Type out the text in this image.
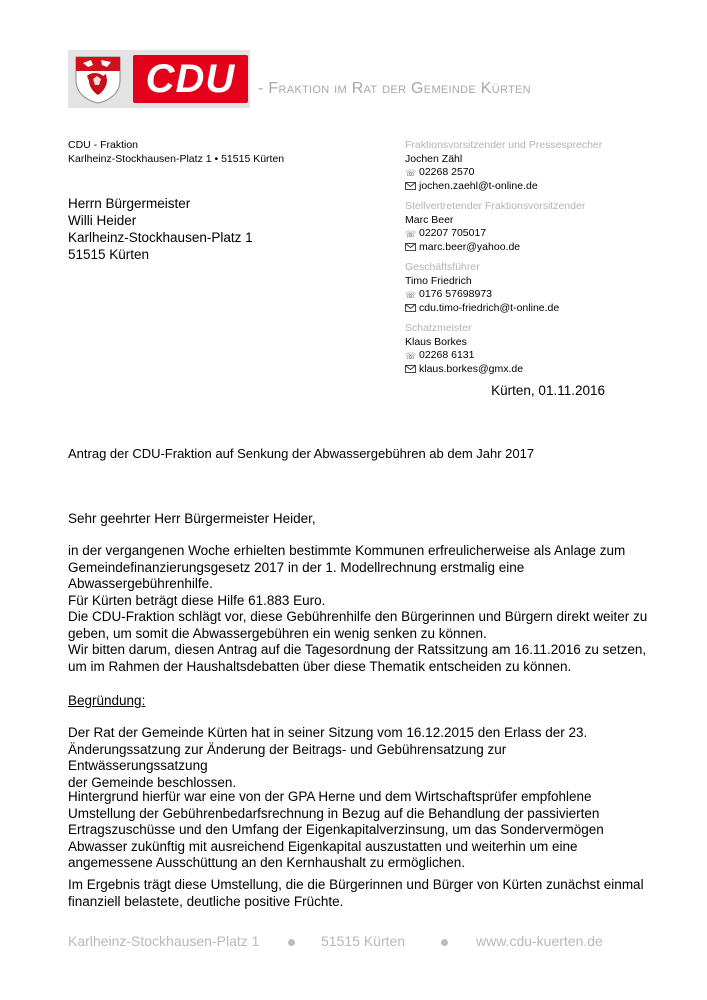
CDU	- Fraktion im Rat der Gemeinde Kürten
CDU - Fraktion
Karlheinz-Stockhausen-Platz 1 • 51515 Kürten
Herrn Bürgermeister
Willi Heider
Karlheinz-Stockhausen-Platz 1
51515 Kürten
Fraktionsvorsitzender und Pressesprecher
Jochen Zähl
☏ 02268 2570
jochen.zaehl@t-online.de
Stellvertretender Fraktionsvorsitzender
Marc Beer
☏ 02207 705017
marc.beer@yahoo.de
Geschäftsführer
Timo Friedrich
☏ 0176 57698973
cdu.timo-friedrich@t-online.de
Schatzmeister
Klaus Borkes
☏ 02268 6131
klaus.borkes@gmx.de
Kürten, 01.11.2016
Antrag der CDU-Fraktion auf Senkung der Abwassergebühren ab dem Jahr 2017
Sehr geehrter Herr Bürgermeister Heider,
in der vergangenen Woche erhielten bestimmte Kommunen erfreulicherweise als Anlage zum
Gemeindefinanzierungsgesetz 2017 in der 1. Modellrechnung erstmalig eine
Abwassergebührenhilfe.
Für Kürten beträgt diese Hilfe 61.883 Euro.
Die CDU-Fraktion schlägt vor, diese Gebührenhilfe den Bürgerinnen und Bürgern direkt weiter zu
geben, um somit die Abwassergebühren ein wenig senken zu können.
Wir bitten darum, diesen Antrag auf die Tagesordnung der Ratssitzung am 16.11.2016 zu setzen,
um im Rahmen der Haushaltsdebatten über diese Thematik entscheiden zu können.
Begründung:
Der Rat der Gemeinde Kürten hat in seiner Sitzung vom 16.12.2015 den Erlass der 23.
Änderungssatzung zur Änderung der Beitrags- und Gebührensatzung zur Entwässerungssatzung
der Gemeinde beschlossen.
Hintergrund hierfür war eine von der GPA Herne und dem Wirtschaftsprüfer empfohlene
Umstellung der Gebührenbedarfsrechnung in Bezug auf die Behandlung der passivierten
Ertragszuschüsse und den Umfang der Eigenkapitalverzinsung, um das Sondervermögen
Abwasser zukünftig mit ausreichend Eigenkapital auszustatten und weiterhin um eine
angemessene Ausschüttung an den Kernhaushalt zu ermöglichen.
Im Ergebnis trägt diese Umstellung, die die Bürgerinnen und Bürger von Kürten zunächst einmal
finanziell belastete, deutliche positive Früchte.
Karlheinz-Stockhausen-Platz 1	51515 Kürten	www.cdu-kuerten.de
